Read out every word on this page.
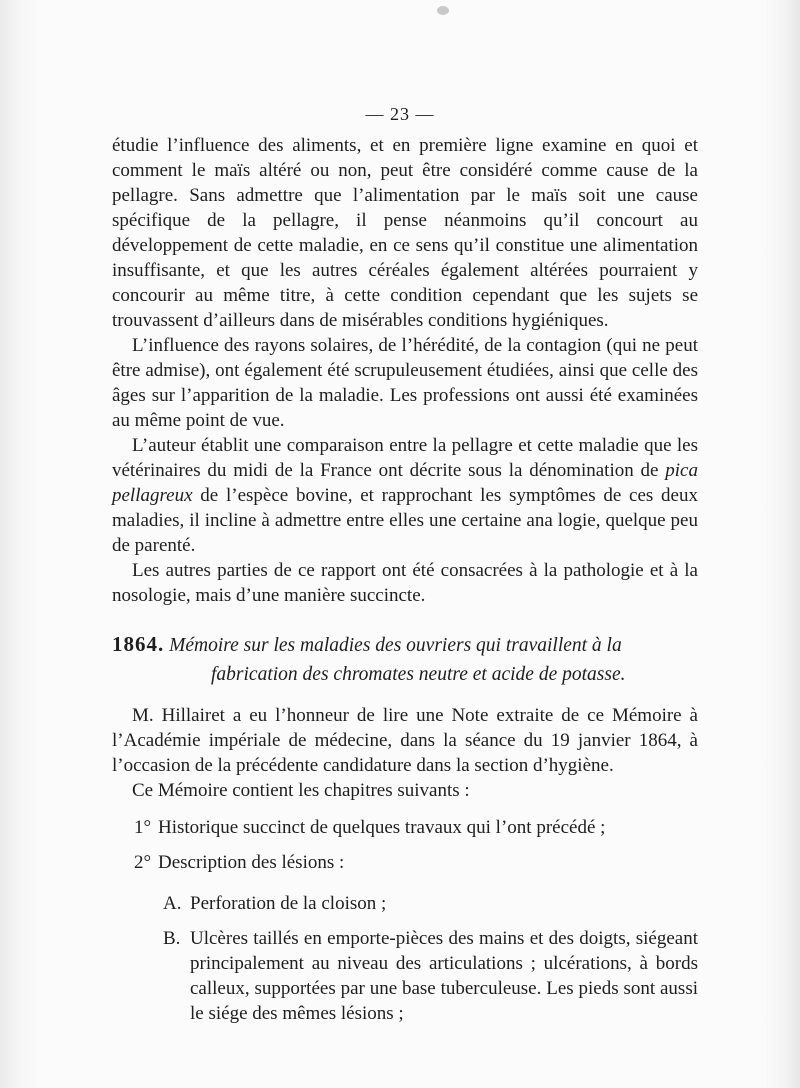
— 23 —

étudie l’influence des aliments, et en première ligne examine en quoi et comment le maïs altéré ou non, peut être considéré comme cause de la pellagre. Sans admettre que l’alimentation par le maïs soit une cause spécifique de la pellagre, il pense néanmoins qu’il concourt au développement de cette maladie, en ce sens qu’il constitue une alimentation insuffisante, et que les autres céréales également altérées pourraient y concourir au même titre, à cette condition cependant que les sujets se trouvassent d’ailleurs dans de misérables conditions hygiéniques.

L’influence des rayons solaires, de l’hérédité, de la contagion (qui ne peut être admise), ont également été scrupuleusement étudiées, ainsi que celle des âges sur l’apparition de la maladie. Les professions ont aussi été examinées au même point de vue.

L’auteur établit une comparaison entre la pellagre et cette maladie que les vétérinaires du midi de la France ont décrite sous la dénomination de pica pellagreux de l’espèce bovine, et rapprochant les symptômes de ces deux maladies, il incline à admettre entre elles une certaine ana logie, quelque peu de parenté.

Les autres parties de ce rapport ont été consacrées à la pathologie et à la nosologie, mais d’une manière succincte.

1864. Mémoire sur les maladies des ouvriers qui travaillent à la
fabrication des chromates neutre et acide de potasse.

M. Hillairet a eu l’honneur de lire une Note extraite de ce Mémoire à l’Académie impériale de médecine, dans la séance du 19 janvier 1864, à l’occasion de la précédente candidature dans la section d’hygiène.

Ce Mémoire contient les chapitres suivants :

1° Historique succinct de quelques travaux qui l’ont précédé ;

2° Description des lésions :

A. Perforation de la cloison ;
B. Ulcères taillés en emporte-pièces des mains et des doigts, siégeant principalement au niveau des articulations ; ulcérations, à bords calleux, supportées par une base tuberculeuse. Les pieds sont aussi le siége des mêmes lésions ;
